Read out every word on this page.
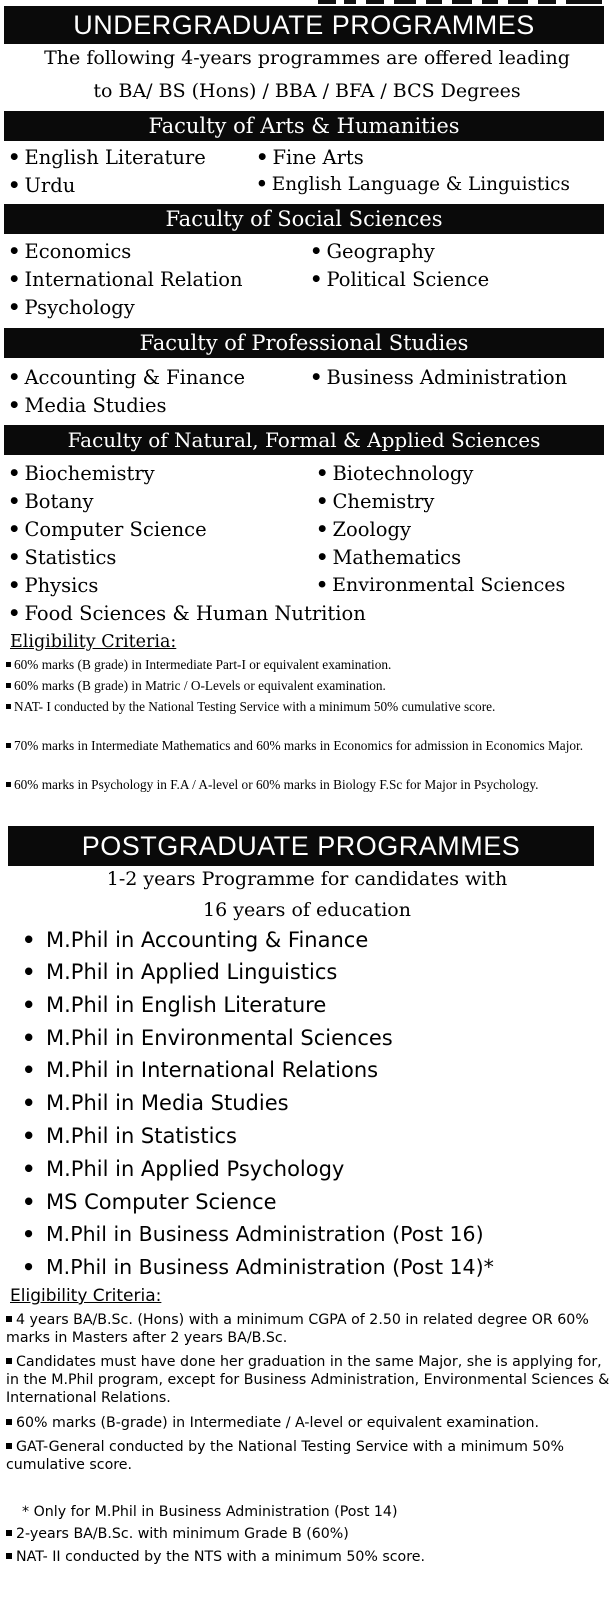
UNDERGRADUATE PROGRAMMES
The following 4-years programmes are offered leading
to BA/ BS (Hons) / BBA / BFA / BCS Degrees
Faculty of Arts & Humanities
• English Literature	• Fine Arts
• Urdu	• English Language & Linguistics
Faculty of Social Sciences
• Economics	• Geography
• International Relation	• Political Science
• Psychology
Faculty of Professional Studies
• Accounting & Finance	• Business Administration
• Media Studies
Faculty of Natural, Formal & Applied Sciences
• Biochemistry	• Biotechnology
• Botany	• Chemistry
• Computer Science	• Zoology
• Statistics	• Mathematics
• Physics	• Environmental Sciences
• Food Sciences & Human Nutrition
Eligibility Criteria:
60% marks (B grade) in Intermediate Part-I or equivalent examination.
60% marks (B grade) in Matric / O-Levels or equivalent examination.
NAT- I conducted by the National Testing Service with a minimum 50% cumulative score.
70% marks in Intermediate Mathematics and 60% marks in Economics for admission in Economics Major.
60% marks in Psychology in F.A / A-level or 60% marks in Biology F.Sc for Major in Psychology.
POSTGRADUATE PROGRAMMES
1-2 years Programme for candidates with
16 years of education
• M.Phil in Accounting & Finance
• M.Phil in Applied Linguistics
• M.Phil in English Literature
• M.Phil in Environmental Sciences
• M.Phil in International Relations
• M.Phil in Media Studies
• M.Phil in Statistics
• M.Phil in Applied Psychology
• MS Computer Science
• M.Phil in Business Administration (Post 16)
• M.Phil in Business Administration (Post 14)*
Eligibility Criteria:
4 years BA/B.Sc. (Hons) with a minimum CGPA of 2.50 in related degree OR 60% marks in Masters after 2 years BA/B.Sc.
Candidates must have done her graduation in the same Major, she is applying for, in the M.Phil program, except for Business Administration, Environmental Sciences & International Relations.
60% marks (B-grade) in Intermediate / A-level or equivalent examination.
GAT-General conducted by the National Testing Service with a minimum 50% cumulative score.
* Only for M.Phil in Business Administration (Post 14)
2-years BA/B.Sc. with minimum Grade B (60%)
NAT- II conducted by the NTS with a minimum 50% score.
